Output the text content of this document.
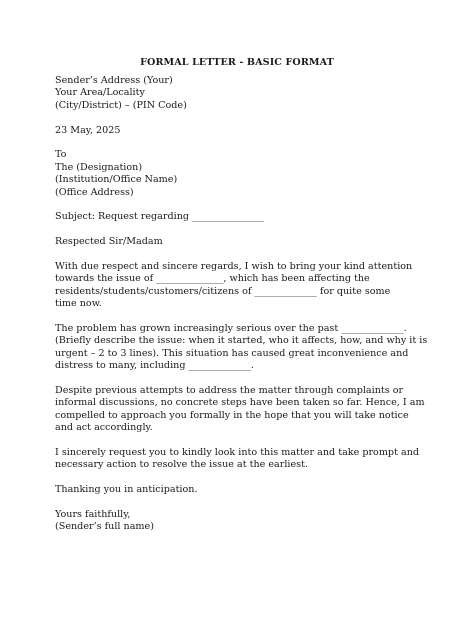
FORMAL LETTER - BASIC FORMAT
Sender’s Address (Your)
Your Area/Locality
(City/District) – (PIN Code)
23 May, 2025
To
The (Designation)
(Institution/Office Name)
(Office Address)
Subject: Request regarding _______________
Respected Sir/Madam
With due respect and sincere regards, I wish to bring your kind attention
towards the issue of ______________, which has been affecting the
residents/students/customers/citizens of _____________ for quite some
time now.
The problem has grown increasingly serious over the past _____________.
(Briefly describe the issue: when it started, who it affects, how, and why it is
urgent – 2 to 3 lines). This situation has caused great inconvenience and
distress to many, including _____________.
Despite previous attempts to address the matter through complaints or
informal discussions, no concrete steps have been taken so far. Hence, I am
compelled to approach you formally in the hope that you will take notice
and act accordingly.
I sincerely request you to kindly look into this matter and take prompt and
necessary action to resolve the issue at the earliest.
Thanking you in anticipation.
Yours faithfully,
(Sender’s full name)
